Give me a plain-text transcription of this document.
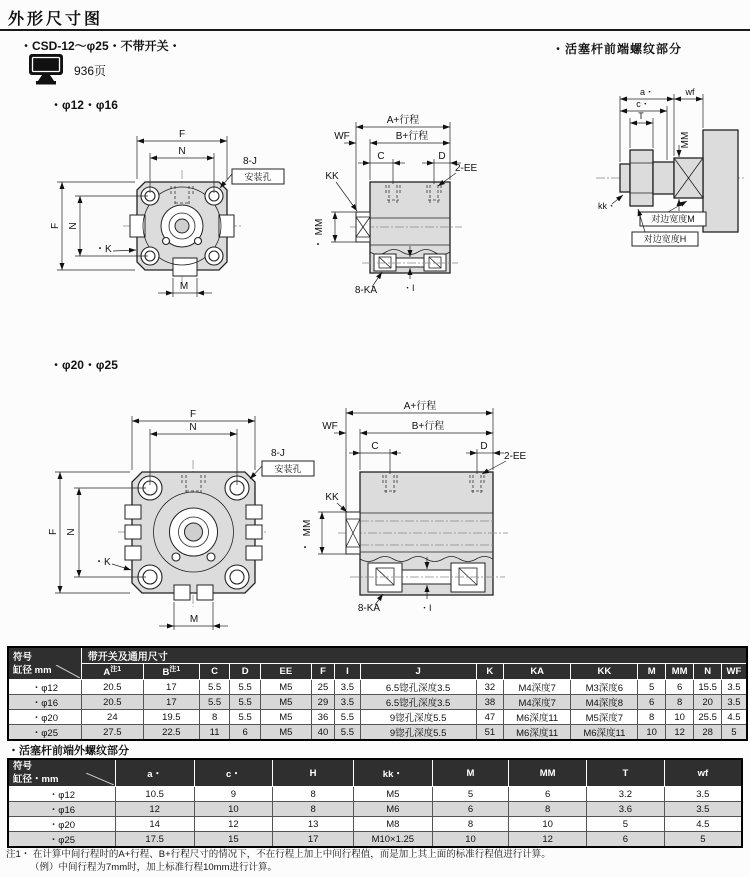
外形尺寸图
・CSD-12～φ25・不带开关・
CAD 936页
・活塞杆前端螺纹部分
・φ12・φ16
・φ20・φ25
F
N
F N
M
8-J
安装孔
・K
A+行程
B+行程
WF
C	D
2-EE
KK
MM
・
8-KA	・I
MM
a・	wf
c・
T
kk・
对边宽度M
对边宽度H
F
N
F N
M
8-J
安装孔
・K
A+行程
B+行程
WF
C	D
2-EE
KK
MM
・
8-KA	・I
符号
缸径 mm	带开关及通用尺寸														
	$A^{注1}$	$B^{注1}$	C	D	EE	F	I	J	K	KA	KK	M	MM	N	WF
・φ12	20.5	17	5.5	5.5	M5	25	3.5	6.5锪孔深度3.5	32	M4深度7	M3深度6	5	6	15.5	3.5
・φ16	20.5	17	5.5	5.5	M5	29	3.5	6.5锪孔深度3.5	38	M4深度7	M4深度8	6	8	20	3.5
・φ20	24	19.5	8	5.5	M5	36	5.5	9锪孔深度5.5	47	M6深度11	M5深度7	8	10	25.5	4.5
・φ25	27.5	22.5	11	6	M5	40	5.5	9锪孔深度5.5	51	M6深度11	M6深度11	10	12	28	5
・活塞杆前端外螺纹部分
符号
缸径・mm	a・	c・	H	kk・	M	MM	T	wf
・φ12	10.5	9	8	M5	5	6	3.2	3.5
・φ16	12	10	8	M6	6	8	3.6	3.5
・φ20	14	12	13	M8	8	10	5	4.5
・φ25	17.5	15	17	M10×1.25	10	12	6	5
注1・ 在计算中间行程时的A+行程、B+行程尺寸的情况下，不在行程上加上中间行程值，而是加上其上面的标准行程值进行计算。
（例）中间行程为7mm时，加上标准行程10mm进行计算。
